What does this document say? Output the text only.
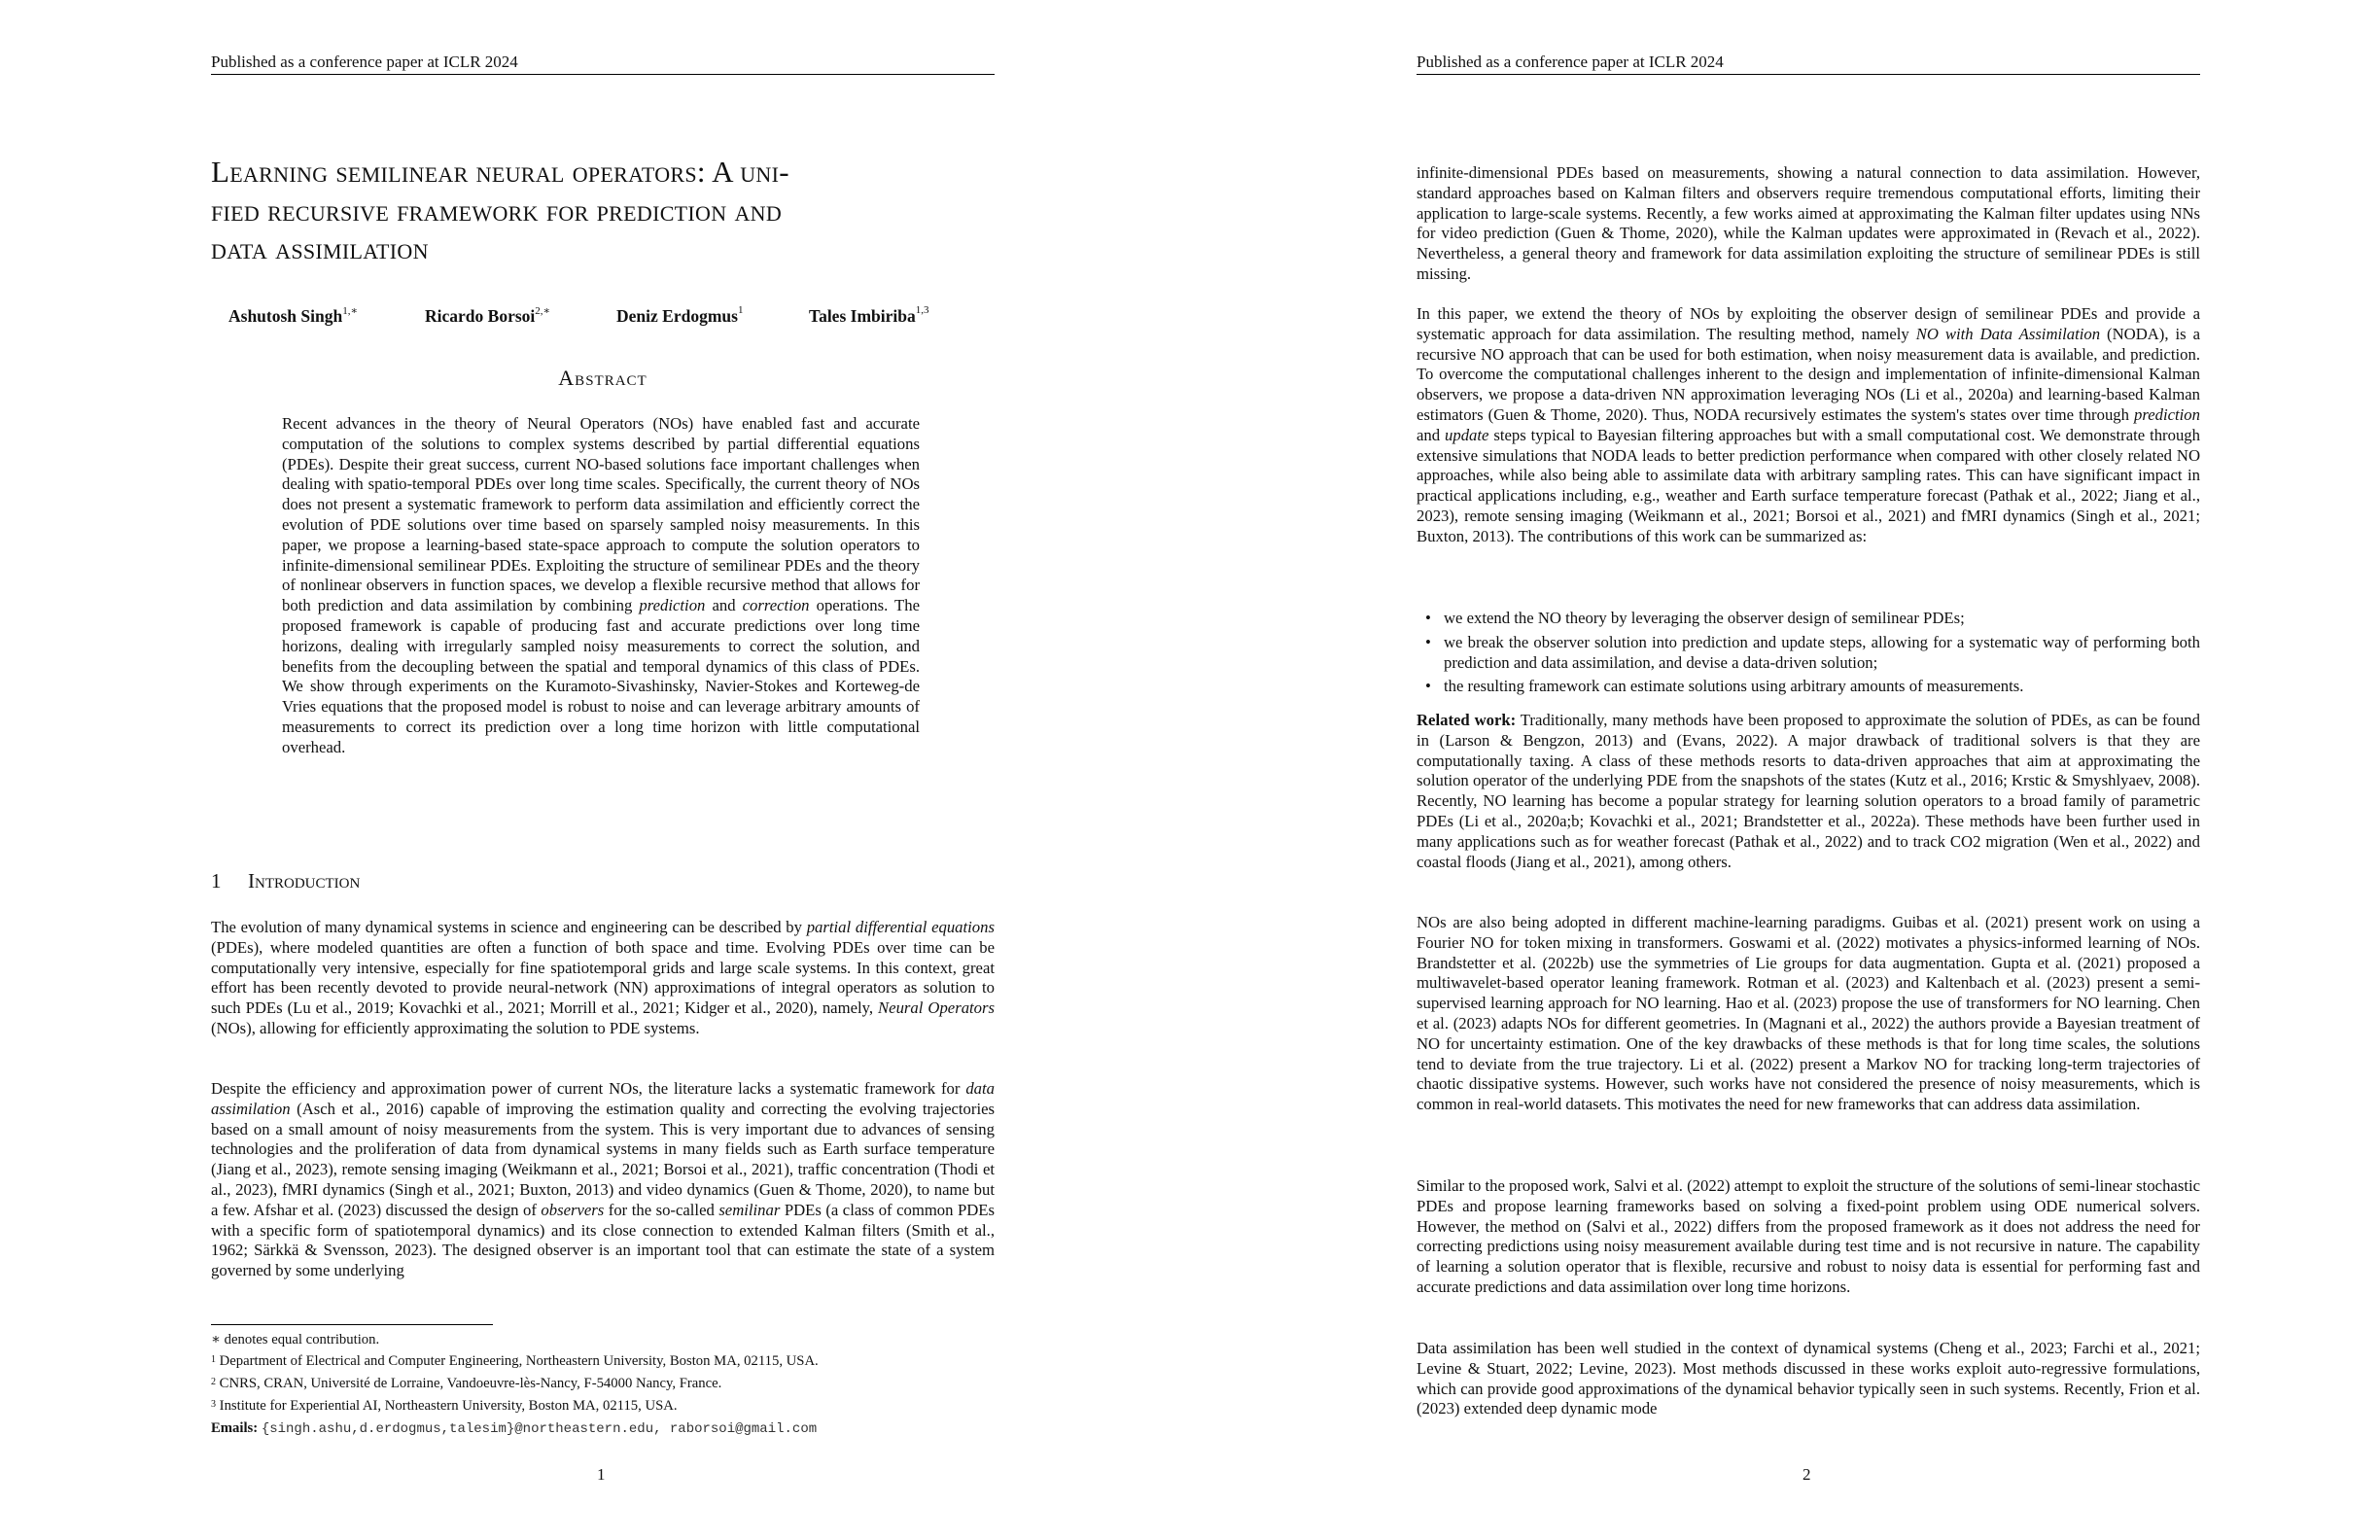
Published as a conference paper at ICLR 2024
Learning semilinear neural operators: A uni-
fied recursive framework for prediction and
data assimilation
Ashutosh Singh$^{1,∗}$	Ricardo Borsoi$^{2,∗}$	Deniz Erdogmus$^1$	Tales Imbiriba$^{1,3}$
Abstract

Recent advances in the theory of Neural Operators (NOs) have enabled fast and accurate computation of the solutions to complex systems described by partial differential equations (PDEs). Despite their great success, current NO-based solutions face important challenges when dealing with spatio-temporal PDEs over long time scales. Specifically, the current theory of NOs does not present a systematic framework to perform data assimilation and efficiently correct the evolution of PDE solutions over time based on sparsely sampled noisy measurements. In this paper, we propose a learning-based state-space approach to compute the solution operators to infinite-dimensional semilinear PDEs. Exploiting the structure of semilinear PDEs and the theory of nonlinear observers in function spaces, we develop a flexible recursive method that allows for both prediction and data assimilation by combining prediction and correction operations. The proposed framework is capable of producing fast and accurate predictions over long time horizons, dealing with irregularly sampled noisy measurements to correct the solution, and benefits from the decoupling between the spatial and temporal dynamics of this class of PDEs. We show through experiments on the Kuramoto-Sivashinsky, Navier-Stokes and Korteweg-de Vries equations that the proposed model is robust to noise and can leverage arbitrary amounts of measurements to correct its prediction over a long time horizon with little computational overhead.

1 Introduction

The evolution of many dynamical systems in science and engineering can be described by partial differential equations (PDEs), where modeled quantities are often a function of both space and time. Evolving PDEs over time can be computationally very intensive, especially for fine spatiotemporal grids and large scale systems. In this context, great effort has been recently devoted to provide neural-network (NN) approximations of integral operators as solution to such PDEs (Lu et al., 2019; Kovachki et al., 2021; Morrill et al., 2021; Kidger et al., 2020), namely, Neural Operators (NOs), allowing for efficiently approximating the solution to PDE systems.

Despite the efficiency and approximation power of current NOs, the literature lacks a systematic framework for data assimilation (Asch et al., 2016) capable of improving the estimation quality and correcting the evolving trajectories based on a small amount of noisy measurements from the system. This is very important due to advances of sensing technologies and the proliferation of data from dynamical systems in many fields such as Earth surface temperature (Jiang et al., 2023), remote sensing imaging (Weikmann et al., 2021; Borsoi et al., 2021), traffic concentration (Thodi et al., 2023), fMRI dynamics (Singh et al., 2021; Buxton, 2013) and video dynamics (Guen & Thome, 2020), to name but a few. Afshar et al. (2023) discussed the design of observers for the so-called semilinar PDEs (a class of common PDEs with a specific form of spatiotemporal dynamics) and its close connection to extended Kalman filters (Smith et al., 1962; Särkkä & Svensson, 2023). The designed observer is an important tool that can estimate the state of a system governed by some underlying

∗ denotes equal contribution.

$^1$ Department of Electrical and Computer Engineering, Northeastern University, Boston MA, 02115, USA.

$^2$ CNRS, CRAN, Université de Lorraine, Vandoeuvre-lès-Nancy, F-54000 Nancy, France.

$^3$ Institute for Experiential AI, Northeastern University, Boston MA, 02115, USA.

Emails: {singh.ashu,d.erdogmus,talesim}@northeastern.edu, raborsoi@gmail.com

1
Published as a conference paper at ICLR 2024

infinite-dimensional PDEs based on measurements, showing a natural connection to data assimilation. However, standard approaches based on Kalman filters and observers require tremendous computational efforts, limiting their application to large-scale systems. Recently, a few works aimed at approximating the Kalman filter updates using NNs for video prediction (Guen & Thome, 2020), while the Kalman updates were approximated in (Revach et al., 2022). Nevertheless, a general theory and framework for data assimilation exploiting the structure of semilinear PDEs is still missing.

In this paper, we extend the theory of NOs by exploiting the observer design of semilinear PDEs and provide a systematic approach for data assimilation. The resulting method, namely NO with Data Assimilation (NODA), is a recursive NO approach that can be used for both estimation, when noisy measurement data is available, and prediction. To overcome the computational challenges inherent to the design and implementation of infinite-dimensional Kalman observers, we propose a data-driven NN approximation leveraging NOs (Li et al., 2020a) and learning-based Kalman estimators (Guen & Thome, 2020). Thus, NODA recursively estimates the system's states over time through prediction and update steps typical to Bayesian filtering approaches but with a small computational cost. We demonstrate through extensive simulations that NODA leads to better prediction performance when compared with other closely related NO approaches, while also being able to assimilate data with arbitrary sampling rates. This can have significant impact in practical applications including, e.g., weather and Earth surface temperature forecast (Pathak et al., 2022; Jiang et al., 2023), remote sensing imaging (Weikmann et al., 2021; Borsoi et al., 2021) and fMRI dynamics (Singh et al., 2021; Buxton, 2013). The contributions of this work can be summarized as:

• we extend the NO theory by leveraging the observer design of semilinear PDEs;
• we break the observer solution into prediction and update steps, allowing for a systematic way of performing both prediction and data assimilation, and devise a data-driven solution;
• the resulting framework can estimate solutions using arbitrary amounts of measurements.

Related work: Traditionally, many methods have been proposed to approximate the solution of PDEs, as can be found in (Larson & Bengzon, 2013) and (Evans, 2022). A major drawback of traditional solvers is that they are computationally taxing. A class of these methods resorts to data-driven approaches that aim at approximating the solution operator of the underlying PDE from the snapshots of the states (Kutz et al., 2016; Krstic & Smyshlyaev, 2008). Recently, NO learning has become a popular strategy for learning solution operators to a broad family of parametric PDEs (Li et al., 2020a;b; Kovachki et al., 2021; Brandstetter et al., 2022a). These methods have been further used in many applications such as for weather forecast (Pathak et al., 2022) and to track CO2 migration (Wen et al., 2022) and coastal floods (Jiang et al., 2021), among others.

NOs are also being adopted in different machine-learning paradigms. Guibas et al. (2021) present work on using a Fourier NO for token mixing in transformers. Goswami et al. (2022) motivates a physics-informed learning of NOs. Brandstetter et al. (2022b) use the symmetries of Lie groups for data augmentation. Gupta et al. (2021) proposed a multiwavelet-based operator leaning framework. Rotman et al. (2023) and Kaltenbach et al. (2023) present a semi-supervised learning approach for NO learning. Hao et al. (2023) propose the use of transformers for NO learning. Chen et al. (2023) adapts NOs for different geometries. In (Magnani et al., 2022) the authors provide a Bayesian treatment of NO for uncertainty estimation. One of the key drawbacks of these methods is that for long time scales, the solutions tend to deviate from the true trajectory. Li et al. (2022) present a Markov NO for tracking long-term trajectories of chaotic dissipative systems. However, such works have not considered the presence of noisy measurements, which is common in real-world datasets. This motivates the need for new frameworks that can address data assimilation.

Similar to the proposed work, Salvi et al. (2022) attempt to exploit the structure of the solutions of semi-linear stochastic PDEs and propose learning frameworks based on solving a fixed-point problem using ODE numerical solvers. However, the method on (Salvi et al., 2022) differs from the proposed framework as it does not address the need for correcting predictions using noisy measurement available during test time and is not recursive in nature. The capability of learning a solution operator that is flexible, recursive and robust to noisy data is essential for performing fast and accurate predictions and data assimilation over long time horizons.

Data assimilation has been well studied in the context of dynamical systems (Cheng et al., 2023; Farchi et al., 2021; Levine & Stuart, 2022; Levine, 2023). Most methods discussed in these works exploit auto-regressive formulations, which can provide good approximations of the dynamical behavior typically seen in such systems. Recently, Frion et al. (2023) extended deep dynamic mode

2
